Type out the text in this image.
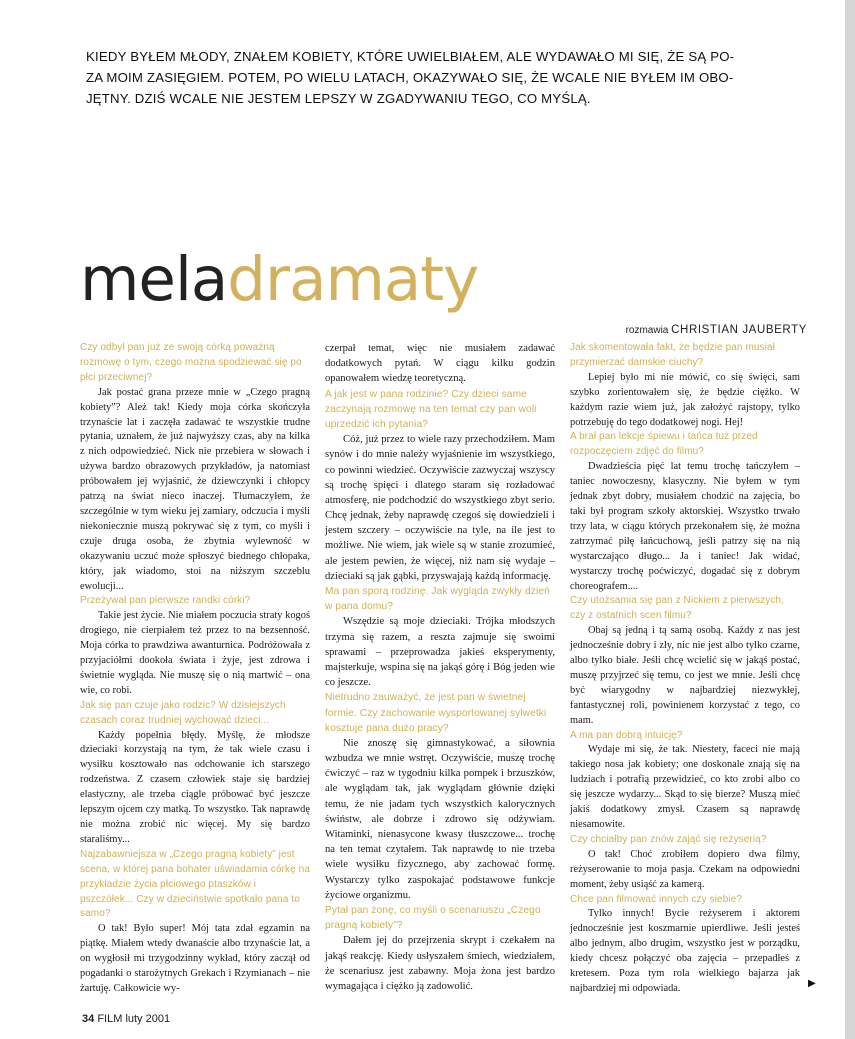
KIEDY BYŁEM MŁODY, ZNAŁEM KOBIETY, KTÓRE UWIELBIAŁEM, ALE WYDAWAŁO MI SIĘ, ŻE SĄ PO-
ZA MOIM ZASIĘGIEM. POTEM, PO WIELU LATACH, OKAZYWAŁO SIĘ, ŻE WCALE NIE BYŁEM IM OBO-
JĘTNY. DZIŚ WCALE NIE JESTEM LEPSZY W ZGADYWANIU TEGO, CO MYŚLĄ.
meladramaty
rozmawia CHRISTIAN JAUBERTY

Czy odbył pan już ze swoją córką poważną rozmowę o tym, czego można spodziewać się po płci przeciwnej?

Jak postać grana przeze mnie w „Czego pragną kobiety”? Ależ tak! Kiedy moja córka skończyła trzynaście lat i zaczęła zadawać te wszystkie trudne pytania, uznałem, że już najwyższy czas, aby na kilka z nich odpowiedzieć. Nick nie przebiera w słowach i używa bardzo obrazowych przykładów, ja natomiast próbowałem jej wyjaśnić, że dziewczynki i chłopcy patrzą na świat nieco inaczej. Tłumaczyłem, że szczególnie w tym wieku jej zamiary, odczucia i myśli niekoniecznie muszą pokrywać się z tym, co myśli i czuje druga osoba, że zbytnia wylewność w okazywaniu uczuć może spłoszyć biednego chłopaka, który, jak wiadomo, stoi na niższym szczeblu ewolucji...

Przeżywał pan pierwsze randki córki?

Takie jest życie. Nie miałem poczucia straty kogoś drogiego, nie cierpiałem też przez to na bezsenność. Moja córka to prawdziwa awanturnica. Podróżowała z przyjaciółmi dookoła świata i żyje, jest zdrowa i świetnie wygląda. Nie muszę się o nią martwić – ona wie, co robi.

Jak się pan czuje jako rodzic? W dzisiejszych czasach coraz trudniej wychować dzieci...

Każdy popełnia błędy. Myślę, że młodsze dzieciaki korzystają na tym, że tak wiele czasu i wysiłku kosztowało nas odchowanie ich starszego rodzeństwa. Z czasem człowiek staje się bardziej elastyczny, ale trzeba ciągle próbować być jeszcze lepszym ojcem czy matką. To wszystko. Tak naprawdę nie można zrobić nic więcej. My się bardzo staraliśmy...

Najzabawniejsza w „Czego pragną kobiety” jest scena, w której pana bohater uświadamia córkę na przykładzie życia płciowego ptaszków i pszczółek... Czy w dzieciństwie spotkało pana to samo?

O tak! Było super! Mój tata zdał egzamin na piątkę. Miałem wtedy dwanaście albo trzynaście lat, a on wygłosił mi trzygodzinny wykład, który zaczął od pogadanki o starożytnych Grekach i Rzymianach – nie żartuję. Całkowicie wy-

czerpał temat, więc nie musiałem zadawać dodatkowych pytań. W ciągu kilku godzin opanowałem wiedzę teoretyczną.

A jak jest w pana rodzinie? Czy dzieci same zaczynają rozmowę na ten temat czy pan woli uprzedzić ich pytania?

Cóż, już przez to wiele razy przechodziłem. Mam synów i do mnie należy wyjaśnienie im wszystkiego, co powinni wiedzieć. Oczywiście zazwyczaj wszyscy są trochę spięci i dlatego staram się rozładować atmosferę, nie podchodzić do wszystkiego zbyt serio. Chcę jednak, żeby naprawdę czegoś się dowiedzieli i jestem szczery – oczywiście na tyle, na ile jest to możliwe. Nie wiem, jak wiele są w stanie zrozumieć, ale jestem pewien, że więcej, niż nam się wydaje – dzieciaki są jak gąbki, przyswajają każdą informację.

Ma pan sporą rodzinę. Jak wygląda zwykły dzień w pana domu?

Wszędzie są moje dzieciaki. Trójka młodszych trzyma się razem, a reszta zajmuje się swoimi sprawami – przeprowadza jakieś eksperymenty, majsterkuje, wspina się na jakąś górę i Bóg jeden wie co jeszcze.

Nietrudno zauważyć, że jest pan w świetnej formie. Czy zachowanie wysportowanej sylwetki kosztuje pana dużo pracy?

Nie znoszę się gimnastykować, a siłownia wzbudza we mnie wstręt. Oczywiście, muszę trochę ćwiczyć – raz w tygodniu kilka pompek i brzuszków, ale wyglądam tak, jak wyglądam głównie dzięki temu, że nie jadam tych wszystkich kalorycznych świństw, ale dobrze i zdrowo się odżywiam. Witaminki, nienasycone kwasy tłuszczowe... trochę na ten temat czytałem. Tak naprawdę to nie trzeba wiele wysiłku fizycznego, aby zachować formę. Wystarczy tylko zaspokajać podstawowe funkcje życiowe organizmu.

Pytał pan żonę, co myśli o scenariuszu „Czego pragną kobiety”?

Dałem jej do przejrzenia skrypt i czekałem na jakąś reakcję. Kiedy usłyszałem śmiech, wiedziałem, że scenariusz jest zabawny. Moja żona jest bardzo wymagająca i ciężko ją zadowolić.

Jak skomentowała fakt, że będzie pan musiał przymierzać damskie ciuchy?

Lepiej było mi nie mówić, co się święci, sam szybko zorientowałem się, że będzie ciężko. W każdym razie wiem już, jak założyć rajstopy, tylko potrzebuję do tego dodatkowej nogi. Hej!

A brał pan lekcje śpiewu i tańca tuż przed rozpoczęciem zdjęć do filmu?

Dwadzieścia pięć lat temu trochę tańczyłem – taniec nowoczesny, klasyczny. Nie byłem w tym jednak zbyt dobry, musiałem chodzić na zajęcia, bo taki był program szkoły aktorskiej. Wszystko trwało trzy lata, w ciągu których przekonałem się, że można zatrzymać piłę łańcuchową, jeśli patrzy się na nią wystarczająco długo... Ja i taniec! Jak widać, wystarczy trochę poćwiczyć, dogadać się z dobrym choreografem....

Czy utożsamia się pan z Nickiem z pierwszych, czy z ostatnich scen filmu?

Obaj są jedną i tą samą osobą. Każdy z nas jest jednocześnie dobry i zły, nic nie jest albo tylko czarne, albo tylko białe. Jeśli chcę wcielić się w jakąś postać, muszę przyjrzeć się temu, co jest we mnie. Jeśli chcę być wiarygodny w najbardziej niezwykłej, fantastycznej roli, powinienem korzystać z tego, co mam.

A ma pan dobrą intuicję?

Wydaje mi się, że tak. Niestety, faceci nie mają takiego nosa jak kobiety; one doskonale znają się na ludziach i potrafią przewidzieć, co kto zrobi albo co się jeszcze wydarzy... Skąd to się bierze? Muszą mieć jakiś dodatkowy zmysł. Czasem są naprawdę niesamowite.

Czy chciałby pan znów zająć się reżyserią?

O tak! Choć zrobiłem dopiero dwa filmy, reżyserowanie to moja pasja. Czekam na odpowiedni moment, żeby usiąść za kamerą.

Chce pan filmować innych czy siebie?

Tylko innych! Bycie reżyserem i aktorem jednocześnie jest koszmarnie upierdliwe. Jeśli jesteś albo jednym, albo drugim, wszystko jest w porządku, kiedy chcesz połączyć oba zajęcia – przepadłeś z kretesem. Poza tym rola wielkiego bajarza jak najbardziej mi odpowiada.

34 FILM luty 2001
▶
